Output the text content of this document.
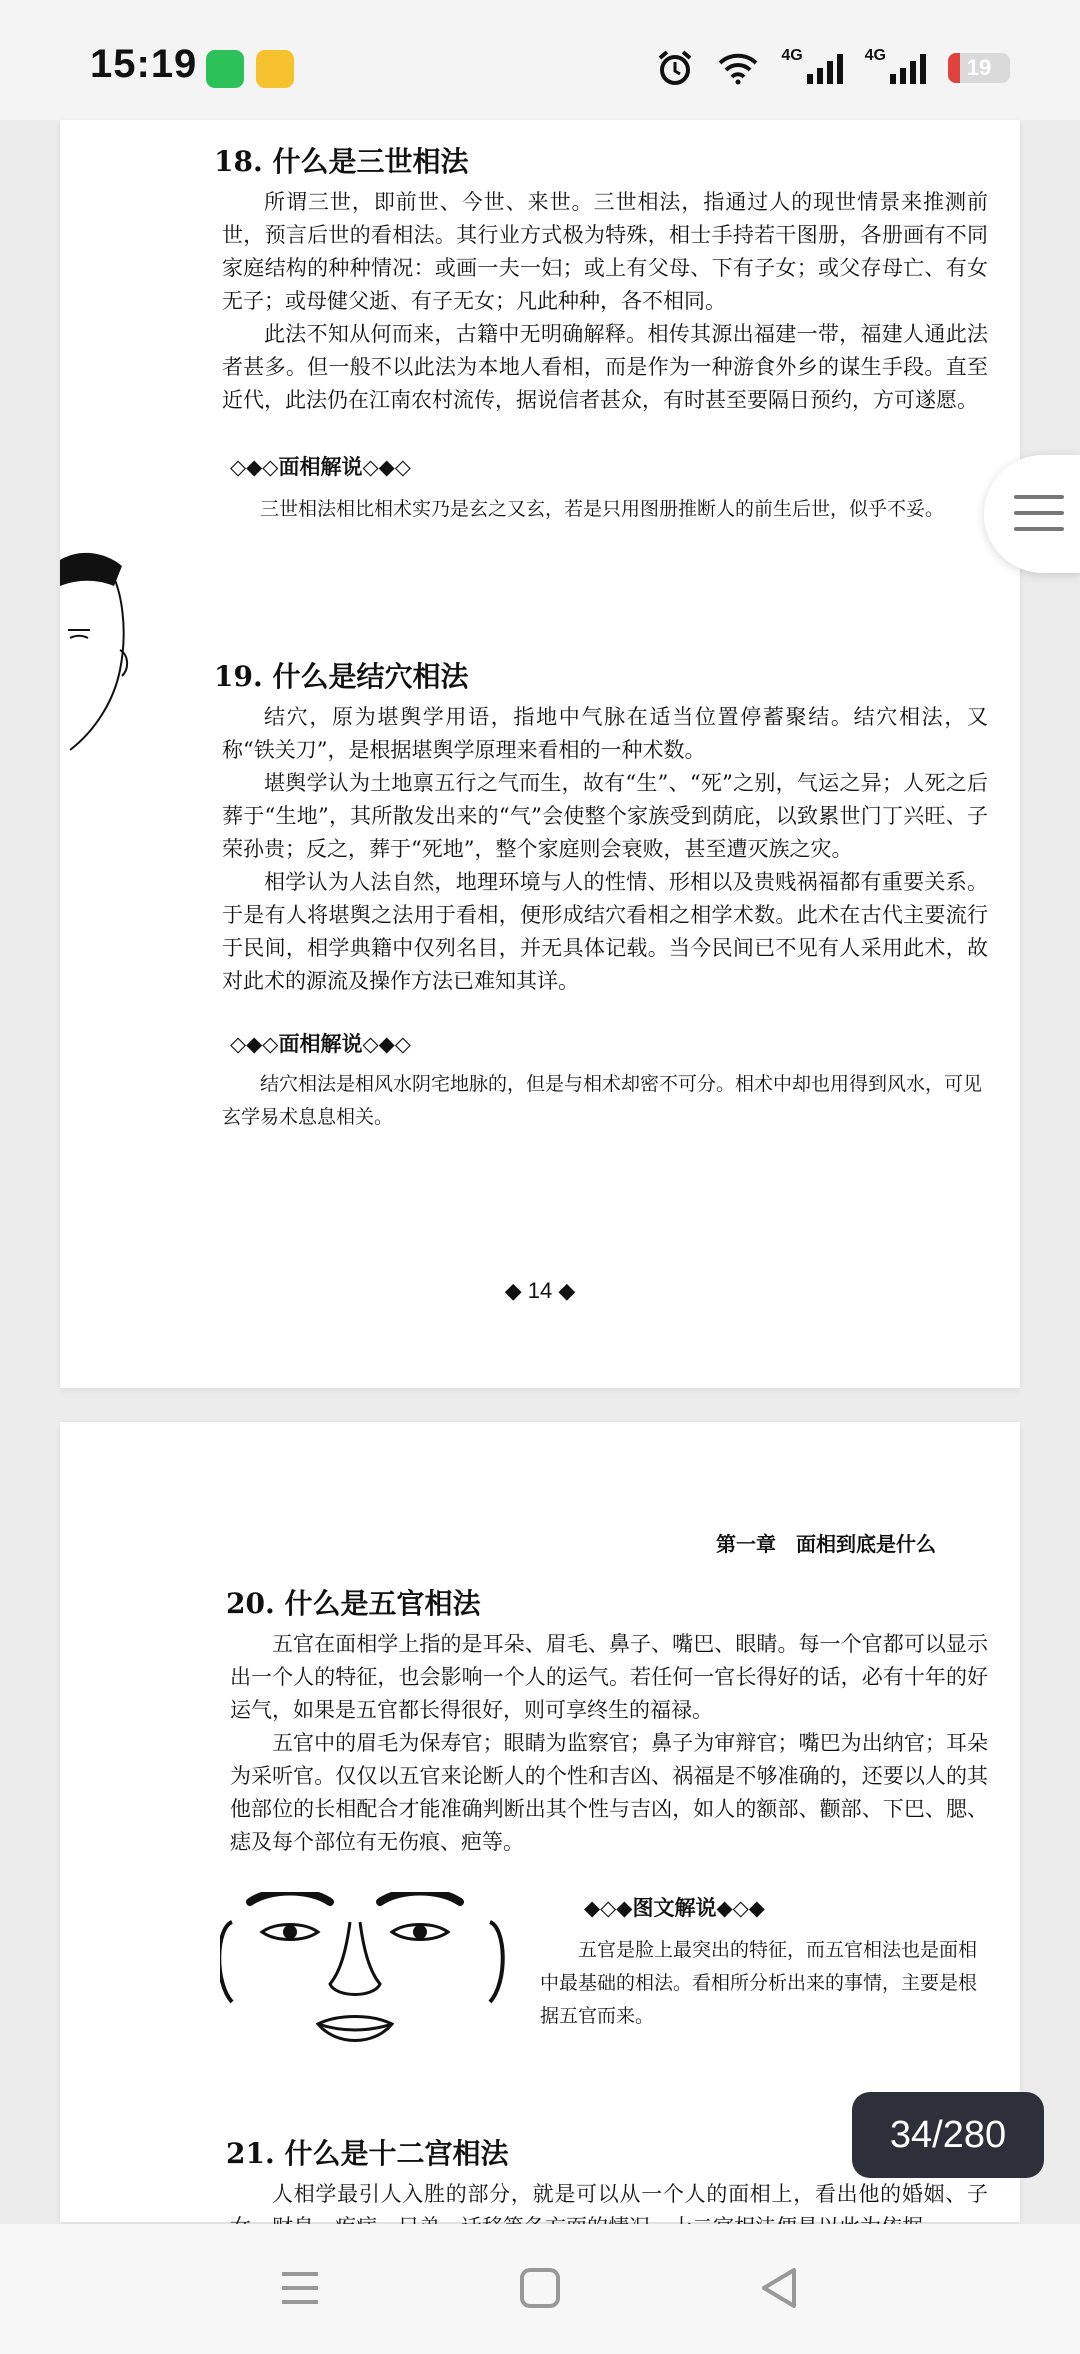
15:19	4G	4G	19
18. 什么是三世相法

所谓三世，即前世、今世、来世。三世相法，指通过人的现世情景来推测前世，预言后世的看相法。其行业方式极为特殊，相士手持若干图册，各册画有不同家庭结构的种种情况：或画一夫一妇；或上有父母、下有子女；或父存母亡、有女无子；或母健父逝、有子无女；凡此种种，各不相同。

此法不知从何而来，古籍中无明确解释。相传其源出福建一带，福建人通此法者甚多。但一般不以此法为本地人看相，而是作为一种游食外乡的谋生手段。直至近代，此法仍在江南农村流传，据说信者甚众，有时甚至要隔日预约，方可遂愿。

◇◆◇面相解说◇◆◇
三世相法相比相术实乃是玄之又玄，若是只用图册推断人的前生后世，似乎不妥。
19. 什么是结穴相法

结穴，原为堪舆学用语，指地中气脉在适当位置停蓄聚结。结穴相法，又称“铁关刀”，是根据堪舆学原理来看相的一种术数。

堪舆学认为土地禀五行之气而生，故有“生”、“死”之别，气运之异；人死之后葬于“生地”，其所散发出来的“气”会使整个家族受到荫庇，以致累世门丁兴旺、子荣孙贵；反之，葬于“死地”，整个家庭则会衰败，甚至遭灭族之灾。

相学认为人法自然，地理环境与人的性情、形相以及贵贱祸福都有重要关系。于是有人将堪舆之法用于看相，便形成结穴看相之相学术数。此术在古代主要流行于民间，相学典籍中仅列名目，并无具体记载。当今民间已不见有人采用此术，故对此术的源流及操作方法已难知其详。

◇◆◇面相解说◇◆◇
结穴相法是相风水阴宅地脉的，但是与相术却密不可分。相术中却也用得到风水，可见玄学易术息息相关。
◆ 14 ◆
第一章　面相到底是什么
20. 什么是五官相法

五官在面相学上指的是耳朵、眉毛、鼻子、嘴巴、眼睛。每一个官都可以显示出一个人的特征，也会影响一个人的运气。若任何一官长得好的话，必有十年的好运气，如果是五官都长得很好，则可享终生的福禄。

五官中的眉毛为保寿官；眼睛为监察官；鼻子为审辩官；嘴巴为出纳官；耳朵为采听官。仅仅以五官来论断人的个性和吉凶、祸福是不够准确的，还要以人的其他部位的长相配合才能准确判断出其个性与吉凶，如人的额部、颧部、下巴、腮、痣及每个部位有无伤痕、疤等。

◆◇◆图文解说◆◇◆
五官是脸上最突出的特征，而五官相法也是面相中最基础的相法。看相所分析出来的事情，主要是根据五官而来。
21. 什么是十二宫相法

人相学最引人入胜的部分，就是可以从一个人的面相上，看出他的婚姻、子

34/280
